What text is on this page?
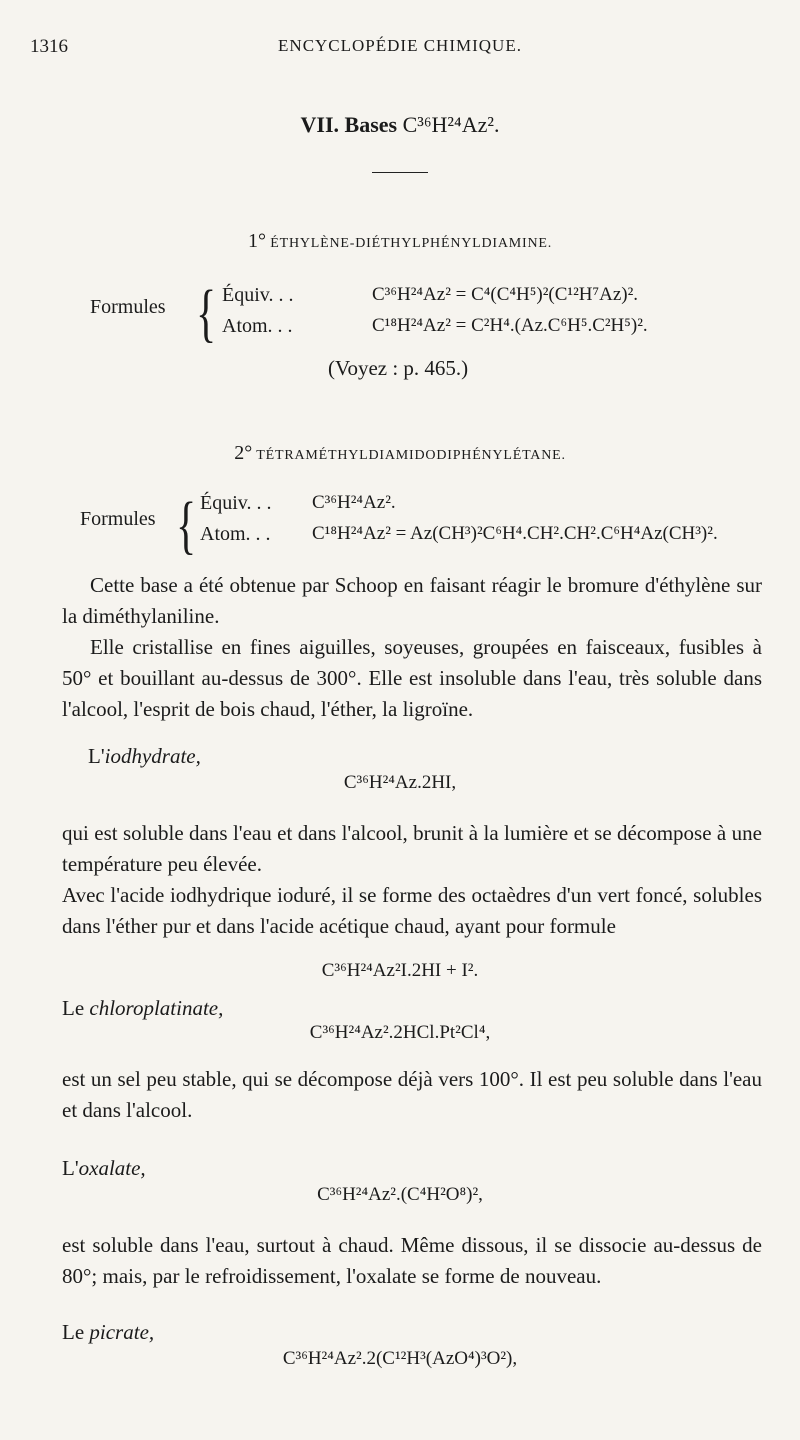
1316	ENCYCLOPÉDIE CHIMIQUE.
VII. Bases C³⁶H²⁴Az².
1° ÉTHYLÈNE-DIÉTHYLPHÉNYLDIAMINE.
Formules { Équiv. . .	C³⁶H²⁴Az² = C⁴(C⁴H⁵)²(C¹²H⁷Az)².
Atom. . .	C¹⁸H²⁴Az² = C²H⁴.(Az.C⁶H⁵.C²H⁵)².
(Voyez : p. 465.)
2° TÉTRAMÉTHYLDIAMIDODIPHÉNYLÉTANE.
Formules { Équiv. . . C³⁶H²⁴Az².
Atom. . . C¹⁸H²⁴Az² = Az(CH³)²C⁶H⁴.CH².CH².C⁶H⁴Az(CH³)².
Cette base a été obtenue par Schoop en faisant réagir le bromure d'éthylène sur la diméthylaniline.
Elle cristallise en fines aiguilles, soyeuses, groupées en faisceaux, fusibles à 50° et bouillant au-dessus de 300°. Elle est insoluble dans l'eau, très soluble dans l'alcool, l'esprit de bois chaud, l'éther, la ligroïne.
L'iodhydrate,
C³⁶H²⁴Az.2HI,
qui est soluble dans l'eau et dans l'alcool, brunit à la lumière et se décompose à une température peu élevée.
Avec l'acide iodhydrique ioduré, il se forme des octaèdres d'un vert foncé, solubles dans l'éther pur et dans l'acide acétique chaud, ayant pour formule
C³⁶H²⁴Az²I.2HI + I².
Le chloroplatinate,
C³⁶H²⁴Az².2HCl.Pt²Cl⁴,
est un sel peu stable, qui se décompose déjà vers 100°. Il est peu soluble dans l'eau et dans l'alcool.
L'oxalate,
C³⁶H²⁴Az².(C⁴H²O⁸)²,
est soluble dans l'eau, surtout à chaud. Même dissous, il se dissocie au-dessus de 80°; mais, par le refroidissement, l'oxalate se forme de nouveau.
Le picrate,
C³⁶H²⁴Az².2(C¹²H³(AzO⁴)³O²),
